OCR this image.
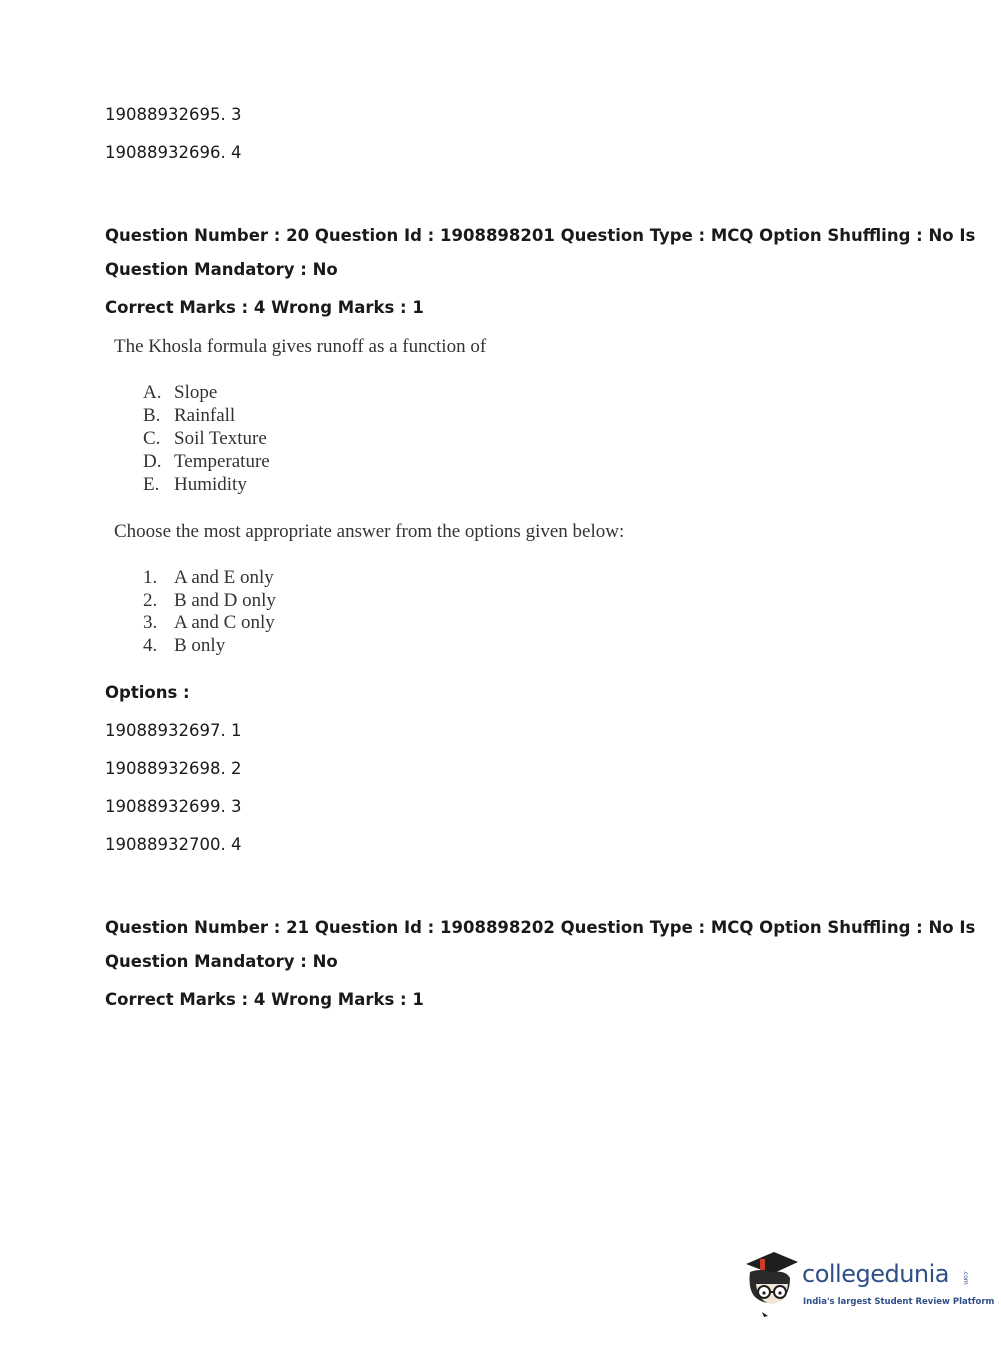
19088932695. 3
19088932696. 4
Question Number : 20 Question Id : 1908898201 Question Type : MCQ Option Shuffling : No Is
Question Mandatory : No
Correct Marks : 4 Wrong Marks : 1
The Khosla formula gives runoff as a function of
A. Slope
B. Rainfall
C. Soil Texture
D. Temperature
E. Humidity
Choose the most appropriate answer from the options given below:
1. A and E only
2. B and D only
3. A and C only
4. B only
Options :
19088932697. 1
19088932698. 2
19088932699. 3
19088932700. 4
Question Number : 21 Question Id : 1908898202 Question Type : MCQ Option Shuffling : No Is
Question Mandatory : No
Correct Marks : 4 Wrong Marks : 1
collegedunia .com
India's largest Student Review Platform
